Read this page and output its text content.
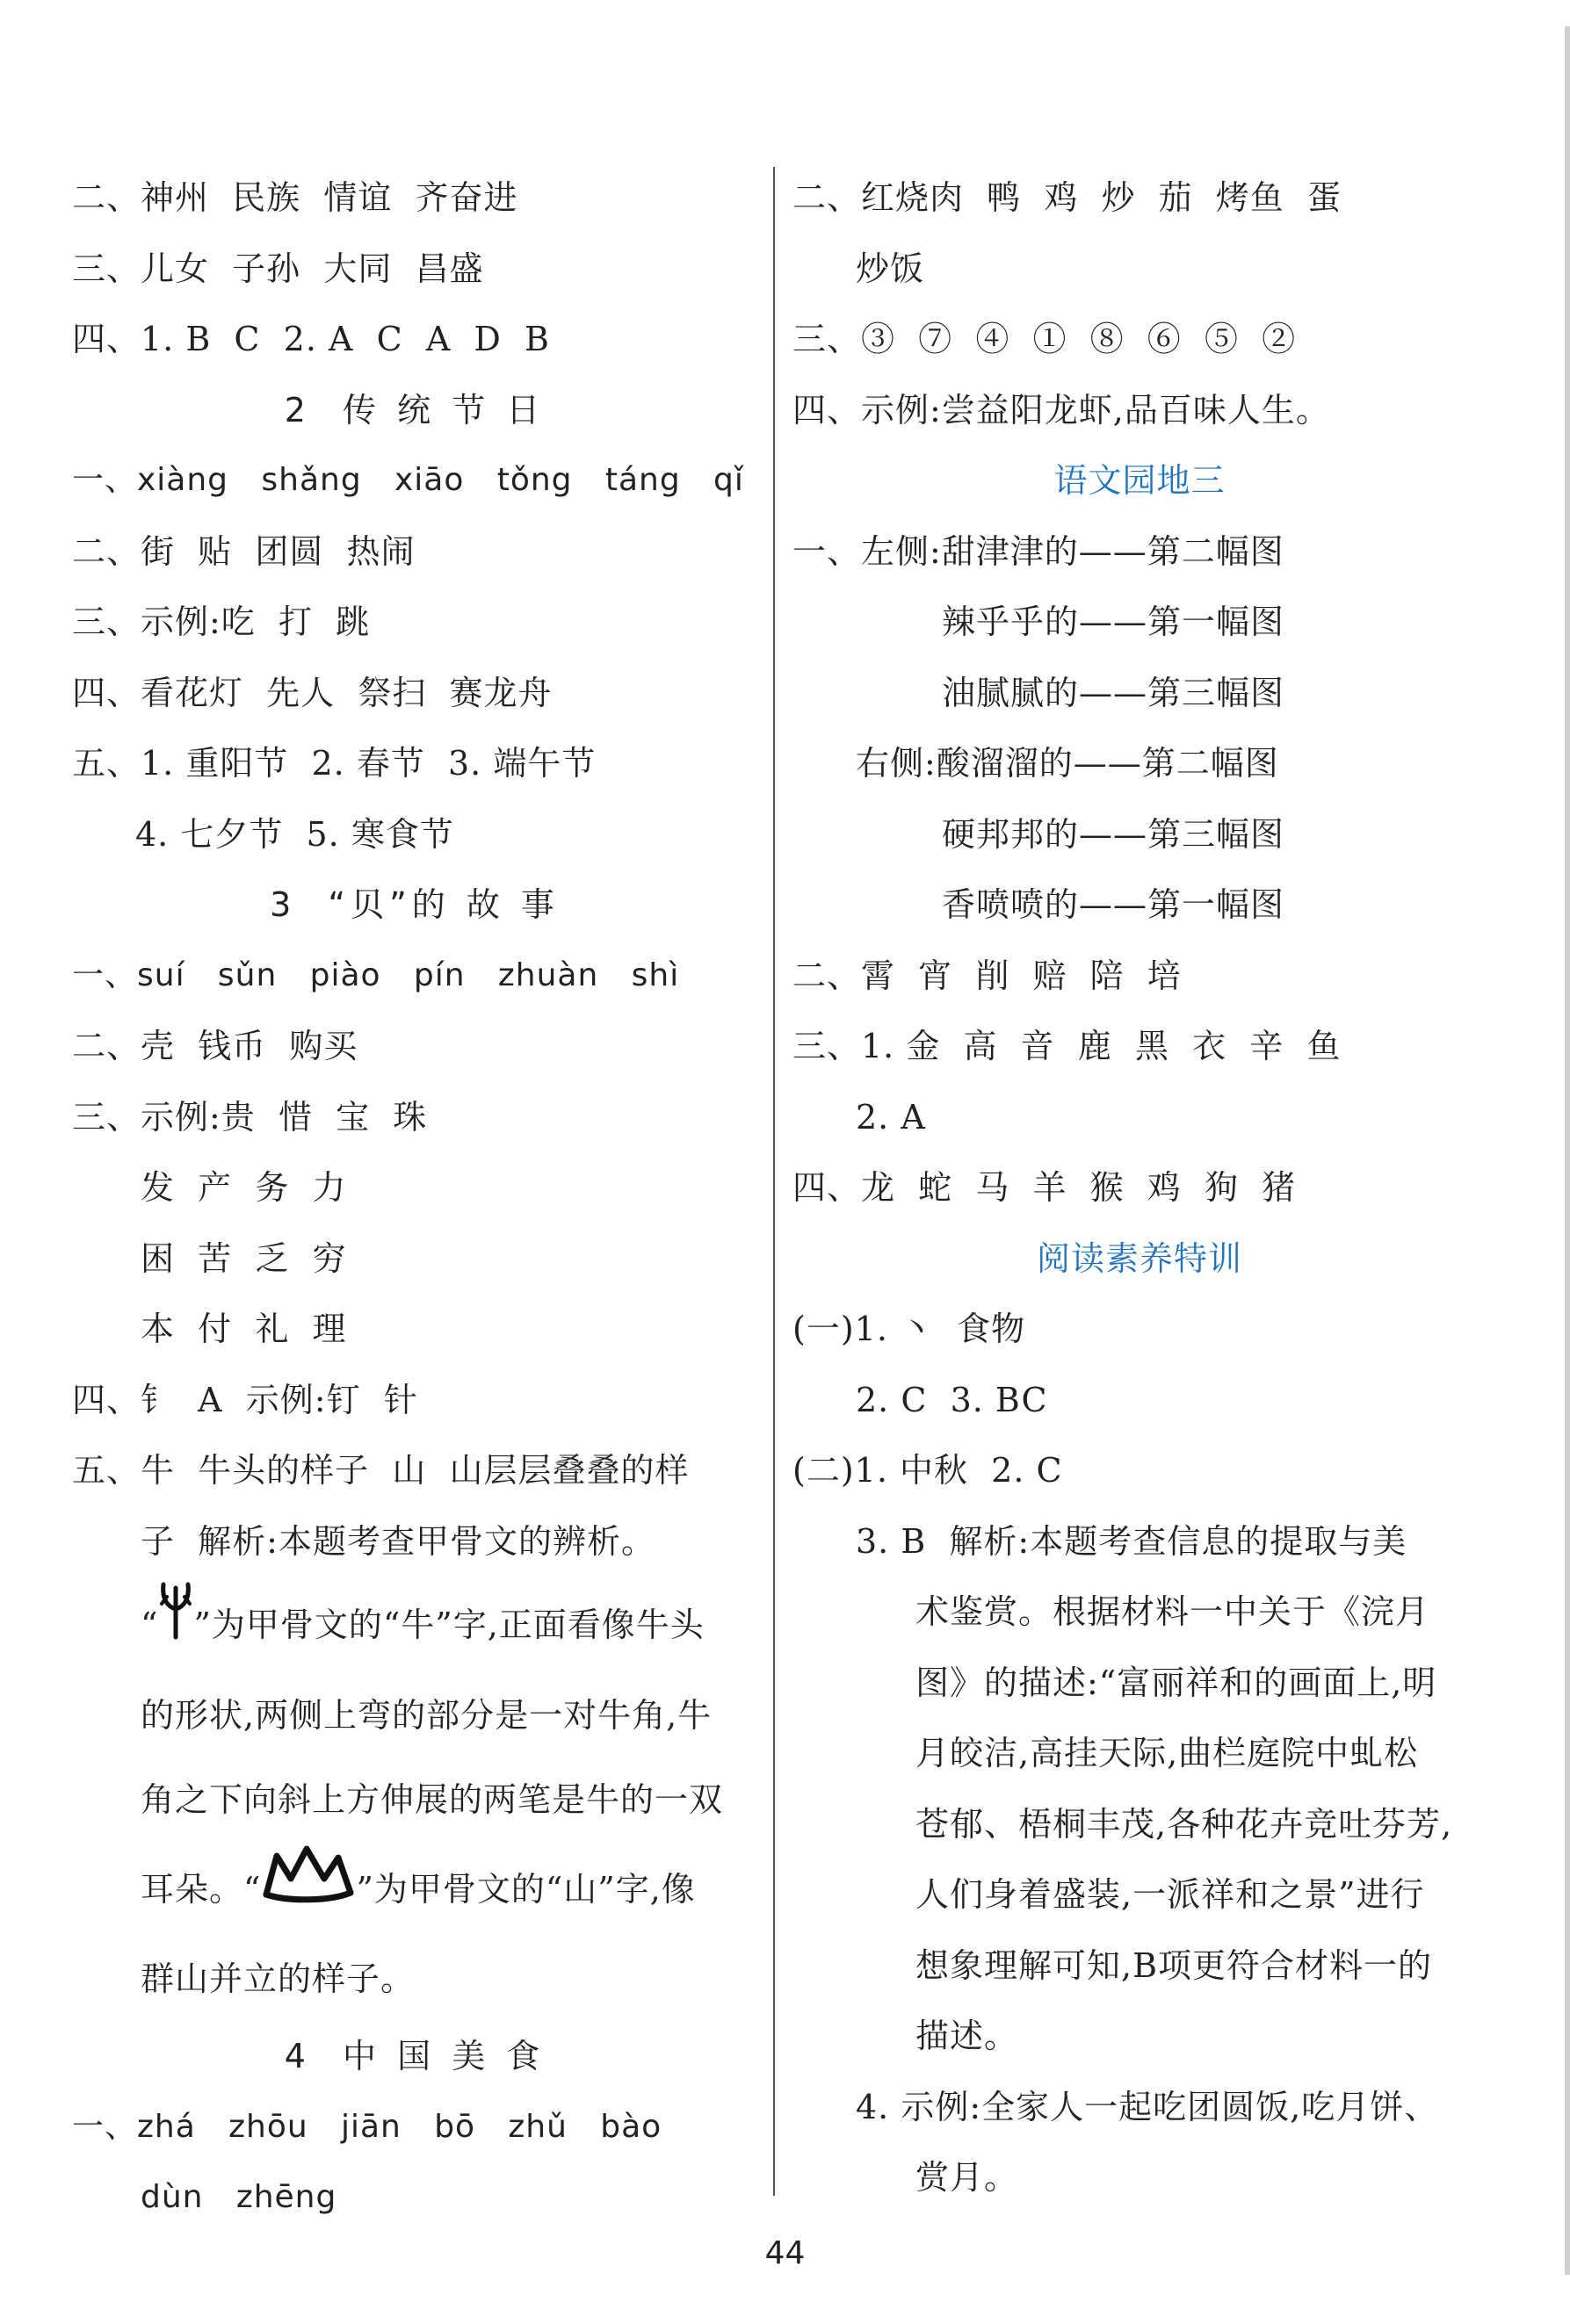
二、神州  民族  情谊  齐奋进
三、儿女  子孙  大同  昌盛
四、1. B  C  2. A  C  A  D  B
2  传 统 节 日
一、xiàng   shǎng   xiāo   tǒng   táng   qǐ
二、街  贴  团圆  热闹
三、示例:吃  打  跳
四、看花灯  先人  祭扫  赛龙舟
五、1. 重阳节  2. 春节  3. 端午节
4. 七夕节  5. 寒食节
3  “贝”的 故 事
一、suí   sǔn   piào   pín   zhuàn   shì
二、壳  钱币  购买
三、示例:贵  惜  宝  珠
发  产  务  力
困  苦  乏  穷
本  付  礼  理
四、钅  A  示例:钉  针
五、牛  牛头的样子  山  山层层叠叠的样
子  解析:本题考查甲骨文的辨析。
“ ”为甲骨文的“牛”字,正面看像牛头
的形状,两侧上弯的部分是一对牛角,牛
角之下向斜上方伸展的两笔是牛的一双
耳朵。“	”为甲骨文的“山”字,像
群山并立的样子。
4  中 国 美 食
一、zhá   zhōu   jiān   bō   zhǔ   bào
dùn   zhēng
二、红烧肉  鸭  鸡  炒  茄  烤鱼  蛋
炒饭
三、③  ⑦  ④  ①  ⑧  ⑥  ⑤  ②
四、示例:尝益阳龙虾,品百味人生。
语文园地三
一、左侧:甜津津的——第二幅图
辣乎乎的——第一幅图
油腻腻的——第三幅图
右侧:酸溜溜的——第二幅图
硬邦邦的——第三幅图
香喷喷的——第一幅图
二、霄  宵  削  赔  陪  培
三、1. 金  高  音  鹿  黑  衣  辛  鱼
2. A
四、龙  蛇  马  羊  猴  鸡  狗  猪
阅读素养特训
(一)1. 丶  食物
2. C  3. BC
(二)1. 中秋  2. C
3. B  解析:本题考查信息的提取与美
术鉴赏。根据材料一中关于《浣月
图》的描述:“富丽祥和的画面上,明
月皎洁,高挂天际,曲栏庭院中虬松
苍郁、梧桐丰茂,各种花卉竞吐芬芳,
人们身着盛装,一派祥和之景”进行
想象理解可知,B项更符合材料一的
描述。
4. 示例:全家人一起吃团圆饭,吃月饼、
赏月。
44
